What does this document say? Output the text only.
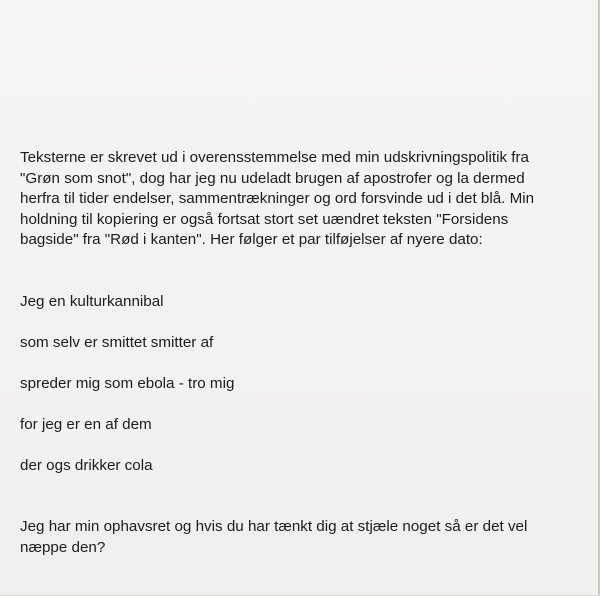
Teksterne er skrevet ud i overensstemmelse med min udskrivningspolitik fra
"Grøn som snot", dog har jeg nu udeladt brugen af apostrofer og la dermed
herfra til tider endelser, sammentrækninger og ord forsvinde ud i det blå. Min
holdning til kopiering er også fortsat stort set uændret teksten "Forsidens
bagside" fra "Rød i kanten". Her følger et par tilføjelser af nyere dato:

Jeg en kulturkannibal

som selv er smittet smitter af

spreder mig som ebola - tro mig

for jeg er en af dem

der ogs drikker cola

Jeg har min ophavsret og hvis du har tænkt dig at stjæle noget så er det vel
næppe den?
